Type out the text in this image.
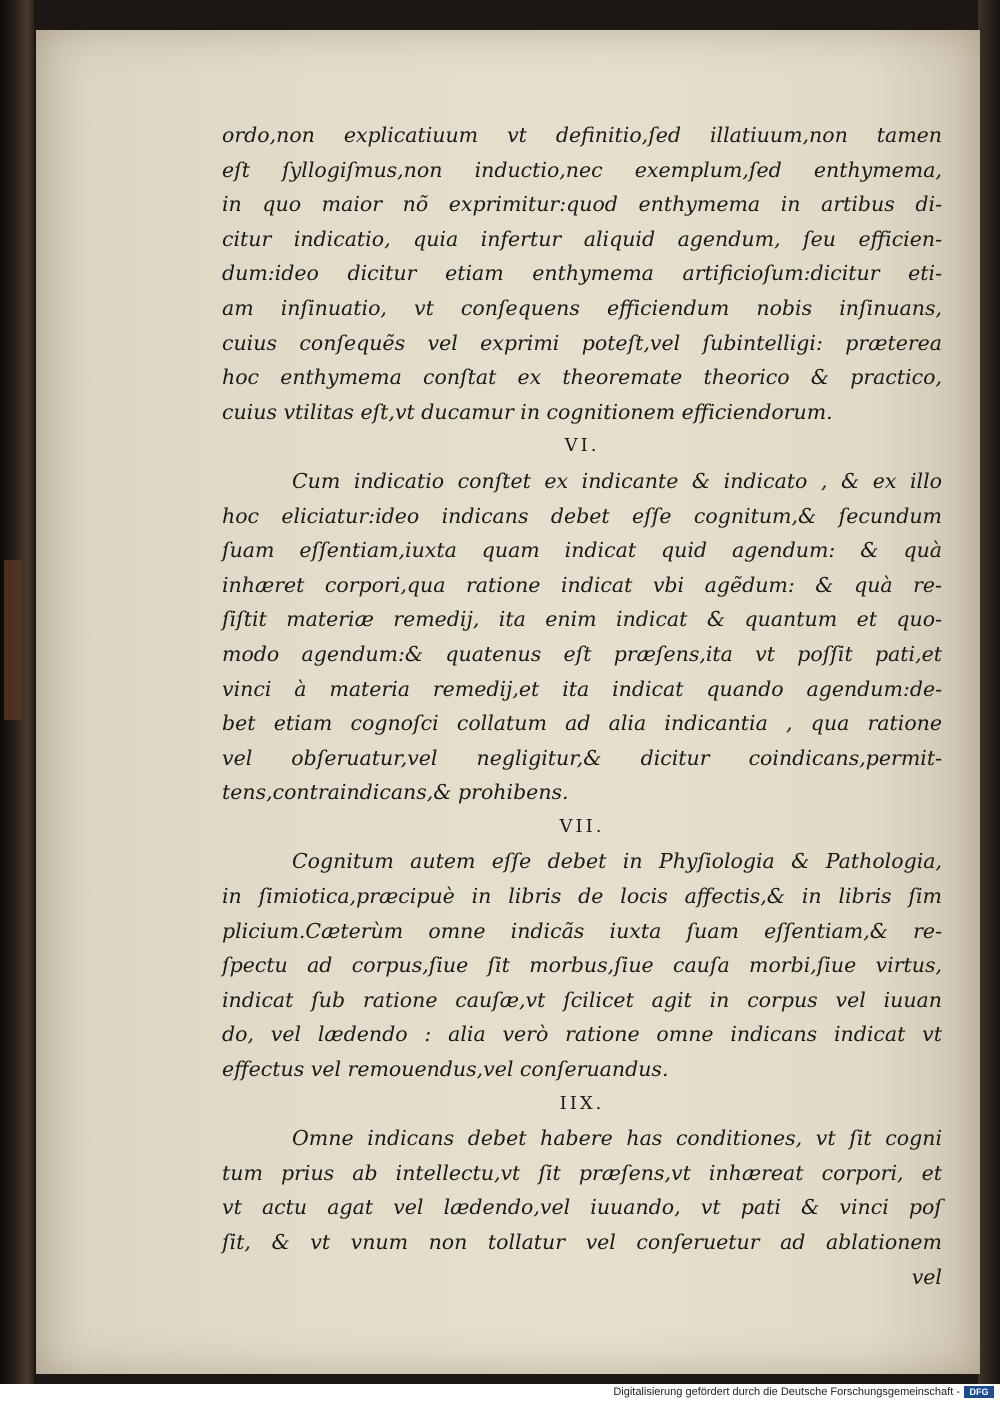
ordo,non explicatiuum vt definitio,ſed illatiuum,non tamen
eſt ſyllogiſmus,non inductio,nec exemplum,ſed enthymema,
in quo maior nõ exprimitur:quod enthymema in artibus di-
citur indicatio, quia infertur aliquid agendum, ſeu efficien-
dum:ideo dicitur etiam enthymema artificioſum:dicitur eti-
am inſinuatio, vt conſequens efficiendum nobis inſinuans,
cuius conſequẽs vel exprimi poteſt,vel ſubintelligi: prӕterea
hoc enthymema conſtat ex theoremate theorico & practico,
cuius vtilitas eſt,vt ducamur in cognitionem efficiendorum.
VI.
Cum indicatio conſtet ex indicante & indicato , & ex illo
hoc eliciatur:ideo indicans debet eſſe cognitum,& ſecundum
ſuam eſſentiam,iuxta quam indicat quid agendum: & quà
inhӕret corpori,qua ratione indicat vbi agẽdum: & quà re-
ſiſtit materiӕ remedij, ita enim indicat & quantum et quo-
modo agendum:& quatenus eſt prӕſens,ita vt poſſit pati,et
vinci à materia remedij,et ita indicat quando agendum:de-
bet etiam cognoſci collatum ad alia indicantia , qua ratione
vel obſeruatur,vel negligitur,& dicitur coindicans,permit-
tens,contraindicans,& prohibens.
VII.
Cognitum autem eſſe debet in Phyſiologia & Pathologia,
in ſimiotica,prӕcipuè in libris de locis affectis,& in libris ſim
plicium.Cӕterùm omne indicãs iuxta ſuam eſſentiam,& re-
ſpectu ad corpus,ſiue ſit morbus,ſiue cauſa morbi,ſiue virtus,
indicat ſub ratione cauſӕ,vt ſcilicet agit in corpus vel iuuan
do, vel lӕdendo : alia verò ratione omne indicans indicat vt
effectus vel remouendus,vel conſeruandus.
IIX.
Omne indicans debet habere has conditiones, vt ſit cogni
tum prius ab intellectu,vt ſit prӕſens,vt inhӕreat corpori, et
vt actu agat vel lӕdendo,vel iuuando, vt pati & vinci poſ
ſit, & vt vnum non tollatur vel conſeruetur ad ablationem
vel
Digitalisierung gefördert durch die Deutsche Forschungsgemeinschaft -	DFG
